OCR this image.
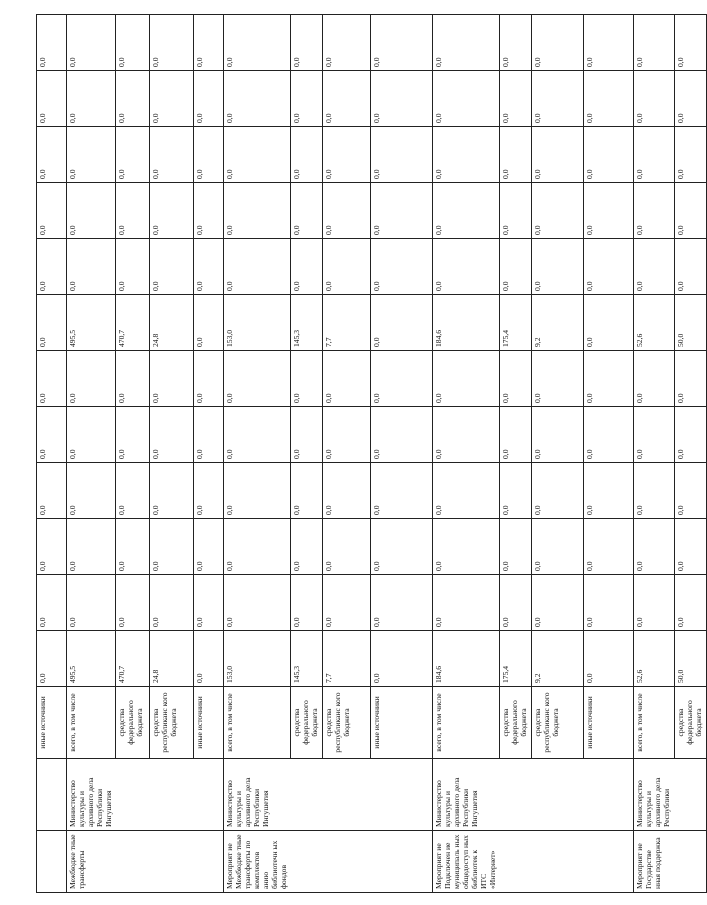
		иные источники	0,0	0,0	0,0	0,0	0,0	0,0	0,0	0,0	0,0	0,0	0,0	0,0
Межбюдже тные трансферты	Министерство культуры и архивного дела Республики Ингушетия	всего, в том числе	495,5	0,0	0,0	0,0	0,0	0,0	495,5	0,0	0,0	0,0	0,0	0,0
		средства федерального бюджета	470,7	0,0	0,0	0,0	0,0	0,0	470,7	0,0	0,0	0,0	0,0	0,0
		средства республиканс кого бюджета	24,8	0,0	0,0	0,0	0,0	0,0	24,8	0,0	0,0	0,0	0,0	0,0
		иные источники	0,0	0,0	0,0	0,0	0,0	0,0	0,0	0,0	0,0	0,0	0,0	0,0
Мероприят ие Межбюдже тные трансферты по комплектов анию библиотечн ых фондов	Министерство культуры и архивного дела Республики Ингушетия	всего, в том числе	153,0	0,0	0,0	0,0	0,0	0,0	153,0	0,0	0,0	0,0	0,0	0,0
		средства федерального бюджета	145,3	0,0	0,0	0,0	0,0	0,0	145,3	0,0	0,0	0,0	0,0	0,0
		средства республиканс кого бюджета	7,7	0,0	0,0	0,0	0,0	0,0	7,7	0,0	0,0	0,0	0,0	0,0
		иные источники	0,0	0,0	0,0	0,0	0,0	0,0	0,0	0,0	0,0	0,0	0,0	0,0
Мероприят ие Подключен ие муниципаль ных общедоступ ных библиотек к ИТС «Интернет»	Министерство культуры и архивного дела Республики Ингушетия	всего, в том числе	184,6	0,0	0,0	0,0	0,0	0,0	184,6	0,0	0,0	0,0	0,0	0,0
		средства федерального бюджета	175,4	0,0	0,0	0,0	0,0	0,0	175,4	0,0	0,0	0,0	0,0	0,0
		средства республиканс кого бюджета	9,2	0,0	0,0	0,0	0,0	0,0	9,2	0,0	0,0	0,0	0,0	0,0
		иные источники	0,0	0,0	0,0	0,0	0,0	0,0	0,0	0,0	0,0	0,0	0,0	0,0
Мероприят ие Государстве нная поддержка	Министерство культуры и архивного дела Республики	всего, в том числе	52,6	0,0	0,0	0,0	0,0	0,0	52,6	0,0	0,0	0,0	0,0	0,0
		средства федерального бюджета	50,0	0,0	0,0	0,0	0,0	0,0	50,0	0,0	0,0	0,0	0,0	0,0
